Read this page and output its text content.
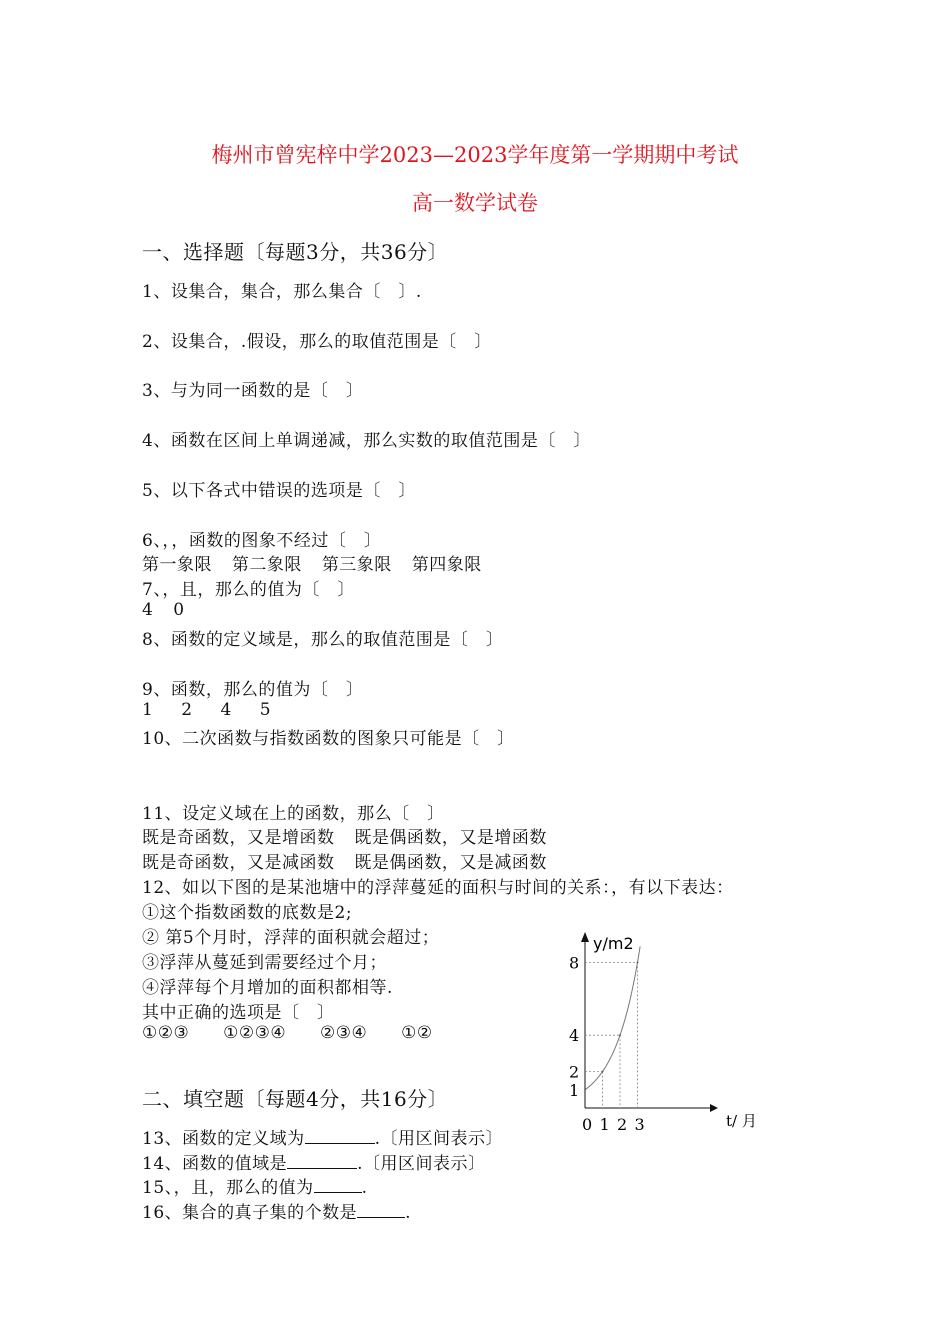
梅州市曾宪梓中学2023—2023学年度第一学期期中考试
高一数学试卷
一、选择题〔每题3分，共36分〕
1、设集合，集合，那么集合〔　〕.
2、设集合，.假设，那么的取值范围是〔　〕
3、与为同一函数的是〔　〕
4、函数在区间上单调递减，那么实数的取值范围是〔　〕
5、以下各式中错误的选项是〔　〕
6、，，函数的图象不经过〔　〕
第一象限 第二象限 第三象限 第四象限
7、，且，那么的值为〔　〕
4 0
8、函数的定义域是，那么的取值范围是〔　〕
9、函数，那么的值为〔　〕
1 2 4 5
10、二次函数与指数函数的图象只可能是〔　〕
11、设定义域在上的函数，那么〔　〕
既是奇函数，又是增函数 既是偶函数，又是增函数
既是奇函数，又是减函数 既是偶函数，又是减函数
12、如以下图的是某池塘中的浮萍蔓延的面积与时间的关系：，有以下表达：
①这个指数函数的底数是2;
② 第5个月时，浮萍的面积就会超过；
③浮萍从蔓延到需要经过个月；
④浮萍每个月增加的面积都相等.
其中正确的选项是〔　〕
①②③ ①②③④ ②③④ ①②
二、填空题〔每题4分，共16分〕
13、函数的定义域为	.〔用区间表示〕
14、函数的值域是	.〔用区间表示〕
15、，且，那么的值为	.
16、集合的真子集的个数是	.
y/m2
t/ 月
1
2
4
8
0 1 2 3
